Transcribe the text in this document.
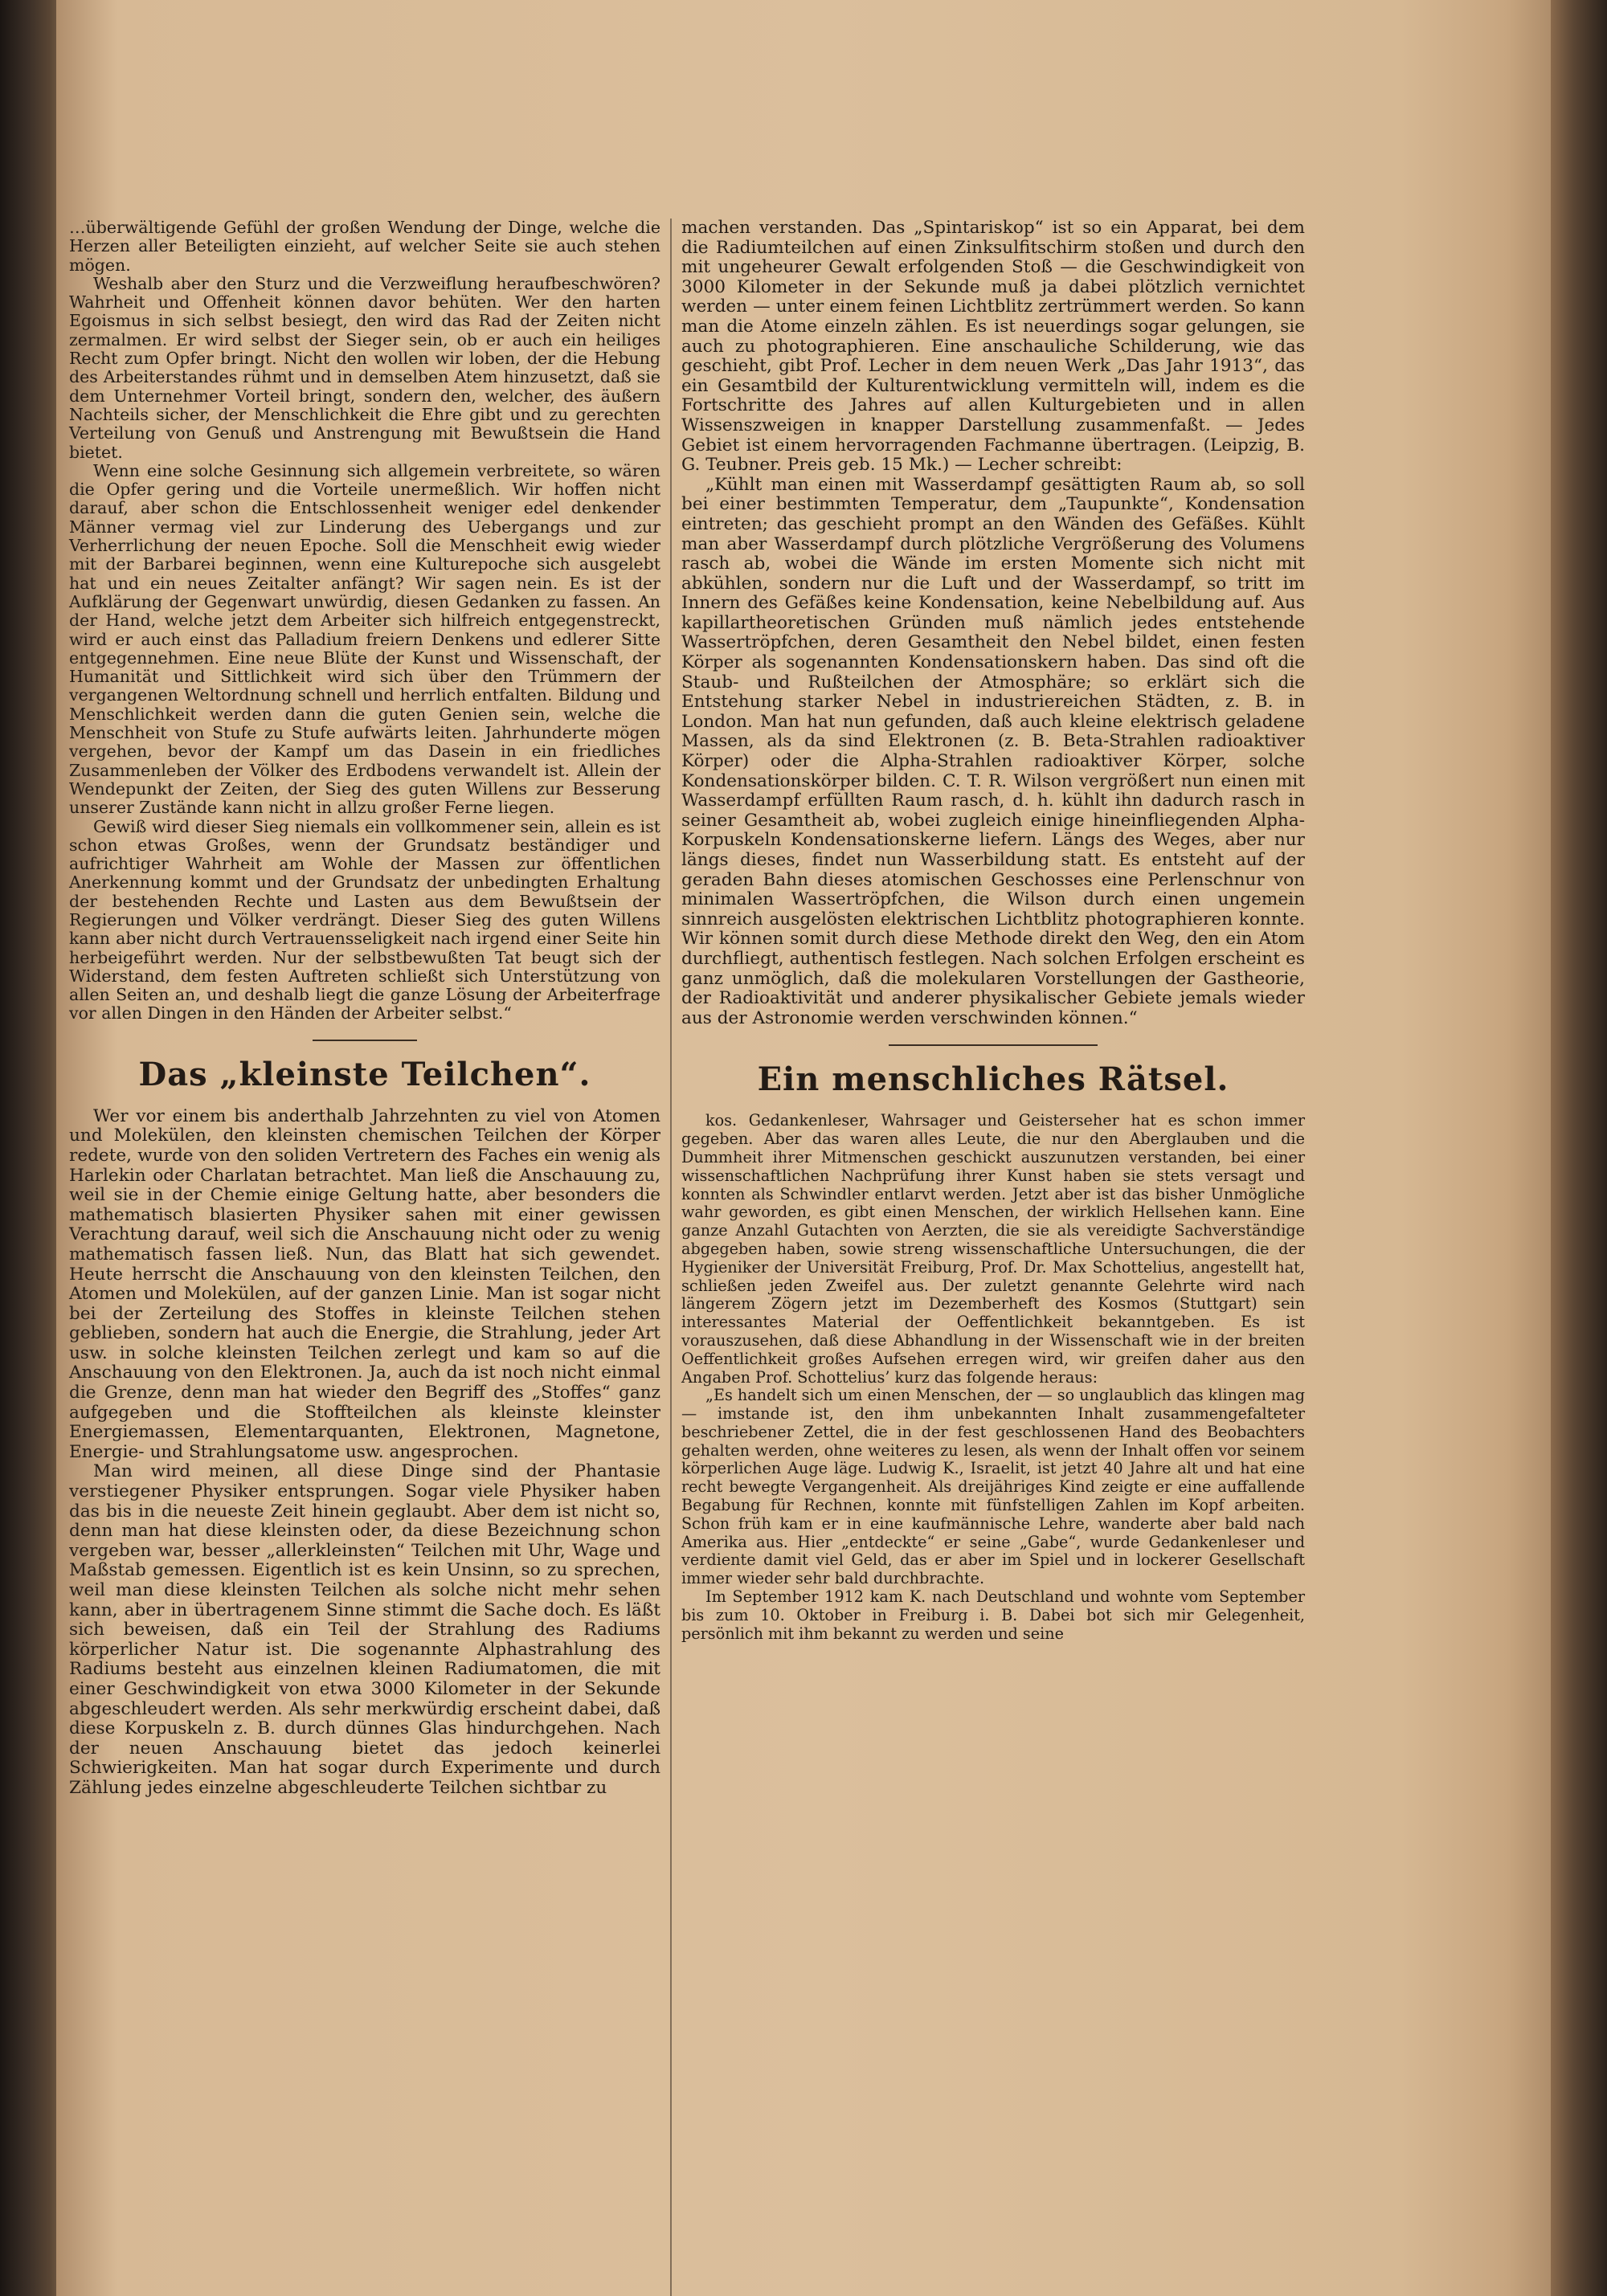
…überwältigende Gefühl der großen Wendung der Dinge, welche die Herzen aller Beteiligten einzieht, auf welcher Seite sie auch stehen mögen.

Weshalb aber den Sturz und die Verzweiflung heraufbeschwören? Wahrheit und Offenheit können davor behüten. Wer den harten Egoismus in sich selbst besiegt, den wird das Rad der Zeiten nicht zermalmen. Er wird selbst der Sieger sein, ob er auch ein heiliges Recht zum Opfer bringt. Nicht den wollen wir loben, der die Hebung des Arbeiterstandes rühmt und in demselben Atem hinzusetzt, daß sie dem Unternehmer Vorteil bringt, sondern den, welcher, des äußern Nachteils sicher, der Menschlichkeit die Ehre gibt und zu gerechten Verteilung von Genuß und Anstrengung mit Bewußtsein die Hand bietet.

Wenn eine solche Gesinnung sich allgemein verbreitete, so wären die Opfer gering und die Vorteile unermeßlich. Wir hoffen nicht darauf, aber schon die Entschlossenheit weniger edel denkender Männer vermag viel zur Linderung des Uebergangs und zur Verherrlichung der neuen Epoche. Soll die Menschheit ewig wieder mit der Barbarei beginnen, wenn eine Kulturepoche sich ausgelebt hat und ein neues Zeitalter anfängt? Wir sagen nein. Es ist der Aufklärung der Gegenwart unwürdig, diesen Gedanken zu fassen. An der Hand, welche jetzt dem Arbeiter sich hilfreich entgegenstreckt, wird er auch einst das Palladium freiern Denkens und edlerer Sitte entgegennehmen. Eine neue Blüte der Kunst und Wissenschaft, der Humanität und Sittlichkeit wird sich über den Trümmern der vergangenen Weltordnung schnell und herrlich entfalten. Bildung und Menschlichkeit werden dann die guten Genien sein, welche die Menschheit von Stufe zu Stufe aufwärts leiten. Jahrhunderte mögen vergehen, bevor der Kampf um das Dasein in ein friedliches Zusammenleben der Völker des Erdbodens verwandelt ist. Allein der Wendepunkt der Zeiten, der Sieg des guten Willens zur Besserung unserer Zustände kann nicht in allzu großer Ferne liegen.

Gewiß wird dieser Sieg niemals ein vollkommener sein, allein es ist schon etwas Großes, wenn der Grundsatz beständiger und aufrichtiger Wahrheit am Wohle der Massen zur öffentlichen Anerkennung kommt und der Grundsatz der unbedingten Erhaltung der bestehenden Rechte und Lasten aus dem Bewußtsein der Regierungen und Völker verdrängt. Dieser Sieg des guten Willens kann aber nicht durch Vertrauensseligkeit nach irgend einer Seite hin herbeigeführt werden. Nur der selbstbewußten Tat beugt sich der Widerstand, dem festen Auftreten schließt sich Unterstützung von allen Seiten an, und deshalb liegt die ganze Lösung der Arbeiterfrage vor allen Dingen in den Händen der Arbeiter selbst.“

Das „kleinste Teilchen“.

Wer vor einem bis anderthalb Jahrzehnten zu viel von Atomen und Molekülen, den kleinsten chemischen Teilchen der Körper redete, wurde von den soliden Vertretern des Faches ein wenig als Harlekin oder Charlatan betrachtet. Man ließ die Anschauung zu, weil sie in der Chemie einige Geltung hatte, aber besonders die mathematisch blasierten Physiker sahen mit einer gewissen Verachtung darauf, weil sich die Anschauung nicht oder zu wenig mathematisch fassen ließ. Nun, das Blatt hat sich gewendet. Heute herrscht die Anschauung von den kleinsten Teilchen, den Atomen und Molekülen, auf der ganzen Linie. Man ist sogar nicht bei der Zerteilung des Stoffes in kleinste Teilchen stehen geblieben, sondern hat auch die Energie, die Strahlung, jeder Art usw. in solche kleinsten Teilchen zerlegt und kam so auf die Anschauung von den Elektronen. Ja, auch da ist noch nicht einmal die Grenze, denn man hat wieder den Begriff des „Stoffes“ ganz aufgegeben und die Stoffteilchen als kleinste kleinster Energiemassen, Elementarquanten, Elektronen, Magnetone, Energie- und Strahlungsatome usw. angesprochen.

Man wird meinen, all diese Dinge sind der Phantasie verstiegener Physiker entsprungen. Sogar viele Physiker haben das bis in die neueste Zeit hinein geglaubt. Aber dem ist nicht so, denn man hat diese kleinsten oder, da diese Bezeichnung schon vergeben war, besser „allerkleinsten“ Teilchen mit Uhr, Wage und Maßstab gemessen. Eigentlich ist es kein Unsinn, so zu sprechen, weil man diese kleinsten Teilchen als solche nicht mehr sehen kann, aber in übertragenem Sinne stimmt die Sache doch. Es läßt sich beweisen, daß ein Teil der Strahlung des Radiums körperlicher Natur ist. Die sogenannte Alphastrahlung des Radiums besteht aus einzelnen kleinen Radiumatomen, die mit einer Geschwindigkeit von etwa 3000 Kilometer in der Sekunde abgeschleudert werden. Als sehr merkwürdig erscheint dabei, daß diese Korpuskeln z. B. durch dünnes Glas hindurchgehen. Nach der neuen Anschauung bietet das jedoch keinerlei Schwierigkeiten. Man hat sogar durch Experimente und durch Zählung jedes einzelne abgeschleuderte Teilchen sichtbar zu

machen verstanden. Das „Spintariskop“ ist so ein Apparat, bei dem die Radiumteilchen auf einen Zinksulfitschirm stoßen und durch den mit ungeheurer Gewalt erfolgenden Stoß — die Geschwindigkeit von 3000 Kilometer in der Sekunde muß ja dabei plötzlich vernichtet werden — unter einem feinen Lichtblitz zertrümmert werden. So kann man die Atome einzeln zählen. Es ist neuerdings sogar gelungen, sie auch zu photographieren. Eine anschauliche Schilderung, wie das geschieht, gibt Prof. Lecher in dem neuen Werk „Das Jahr 1913“, das ein Gesamtbild der Kulturentwicklung vermitteln will, indem es die Fortschritte des Jahres auf allen Kulturgebieten und in allen Wissenszweigen in knapper Darstellung zusammenfaßt. — Jedes Gebiet ist einem hervorragenden Fachmanne übertragen. (Leipzig, B. G. Teubner. Preis geb. 15 Mk.) — Lecher schreibt:

„Kühlt man einen mit Wasserdampf gesättigten Raum ab, so soll bei einer bestimmten Temperatur, dem „Taupunkte“, Kondensation eintreten; das geschieht prompt an den Wänden des Gefäßes. Kühlt man aber Wasserdampf durch plötzliche Vergrößerung des Volumens rasch ab, wobei die Wände im ersten Momente sich nicht mit abkühlen, sondern nur die Luft und der Wasserdampf, so tritt im Innern des Gefäßes keine Kondensation, keine Nebelbildung auf. Aus kapillartheoretischen Gründen muß nämlich jedes entstehende Wassertröpfchen, deren Gesamtheit den Nebel bildet, einen festen Körper als sogenannten Kondensationskern haben. Das sind oft die Staub- und Rußteilchen der Atmosphäre; so erklärt sich die Entstehung starker Nebel in industriereichen Städten, z. B. in London. Man hat nun gefunden, daß auch kleine elektrisch geladene Massen, als da sind Elektronen (z. B. Beta-Strahlen radioaktiver Körper) oder die Alpha-Strahlen radioaktiver Körper, solche Kondensationskörper bilden. C. T. R. Wilson vergrößert nun einen mit Wasserdampf erfüllten Raum rasch, d. h. kühlt ihn dadurch rasch in seiner Gesamtheit ab, wobei zugleich einige hineinfliegenden Alpha-Korpuskeln Kondensationskerne liefern. Längs des Weges, aber nur längs dieses, findet nun Wasserbildung statt. Es entsteht auf der geraden Bahn dieses atomischen Geschosses eine Perlenschnur von minimalen Wassertröpfchen, die Wilson durch einen ungemein sinnreich ausgelösten elektrischen Lichtblitz photographieren konnte. Wir können somit durch diese Methode direkt den Weg, den ein Atom durchfliegt, authentisch festlegen. Nach solchen Erfolgen erscheint es ganz unmöglich, daß die molekularen Vorstellungen der Gastheorie, der Radioaktivität und anderer physikalischer Gebiete jemals wieder aus der Astronomie werden verschwinden können.“

Ein menschliches Rätsel.

kos. Gedankenleser, Wahrsager und Geisterseher hat es schon immer gegeben. Aber das waren alles Leute, die nur den Aberglauben und die Dummheit ihrer Mitmenschen geschickt auszunutzen verstanden, bei einer wissenschaftlichen Nachprüfung ihrer Kunst haben sie stets versagt und konnten als Schwindler entlarvt werden. Jetzt aber ist das bisher Unmögliche wahr geworden, es gibt einen Menschen, der wirklich Hellsehen kann. Eine ganze Anzahl Gutachten von Aerzten, die sie als vereidigte Sachverständige abgegeben haben, sowie streng wissenschaftliche Untersuchungen, die der Hygieniker der Universität Freiburg, Prof. Dr. Max Schottelius, angestellt hat, schließen jeden Zweifel aus. Der zuletzt genannte Gelehrte wird nach längerem Zögern jetzt im Dezemberheft des Kosmos (Stuttgart) sein interessantes Material der Oeffentlichkeit bekanntgeben. Es ist vorauszusehen, daß diese Abhandlung in der Wissenschaft wie in der breiten Oeffentlichkeit großes Aufsehen erregen wird, wir greifen daher aus den Angaben Prof. Schottelius’ kurz das folgende heraus:

„Es handelt sich um einen Menschen, der — so unglaublich das klingen mag — imstande ist, den ihm unbekannten Inhalt zusammengefalteter beschriebener Zettel, die in der fest geschlossenen Hand des Beobachters gehalten werden, ohne weiteres zu lesen, als wenn der Inhalt offen vor seinem körperlichen Auge läge. Ludwig K., Israelit, ist jetzt 40 Jahre alt und hat eine recht bewegte Vergangenheit. Als dreijähriges Kind zeigte er eine auffallende Begabung für Rechnen, konnte mit fünfstelligen Zahlen im Kopf arbeiten. Schon früh kam er in eine kaufmännische Lehre, wanderte aber bald nach Amerika aus. Hier „entdeckte“ er seine „Gabe“, wurde Gedankenleser und verdiente damit viel Geld, das er aber im Spiel und in lockerer Gesellschaft immer wieder sehr bald durchbrachte.

Im September 1912 kam K. nach Deutschland und wohnte vom September bis zum 10. Oktober in Freiburg i. B. Dabei bot sich mir Gelegenheit, persönlich mit ihm bekannt zu werden und seine
